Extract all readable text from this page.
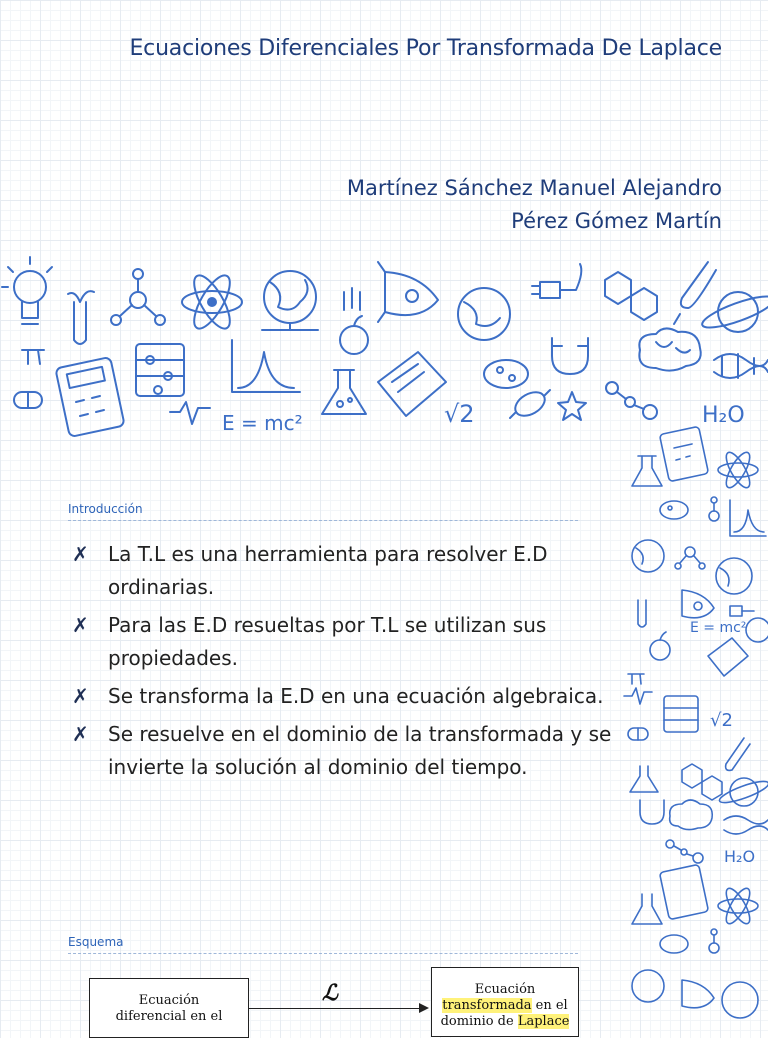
Ecuaciones Diferenciales Por Transformada De Laplace
Martínez Sánchez Manuel Alejandro
Pérez Gómez Martín
E = mc²	√2	H₂O
E = mc²
√2
H₂O
Introducción
✗ La T.L es una herramienta para resolver E.D ordinarias.
✗ Para las E.D resueltas por T.L se utilizan sus propiedades.
✗ Se transforma la E.D en una ecuación algebraica.
✗ Se resuelve en el dominio de la transformada y se invierte la solución al dominio del tiempo.
Esquema
Ecuación
diferencial en el
ℒ	Ecuación
transformada en el
dominio de Laplace
